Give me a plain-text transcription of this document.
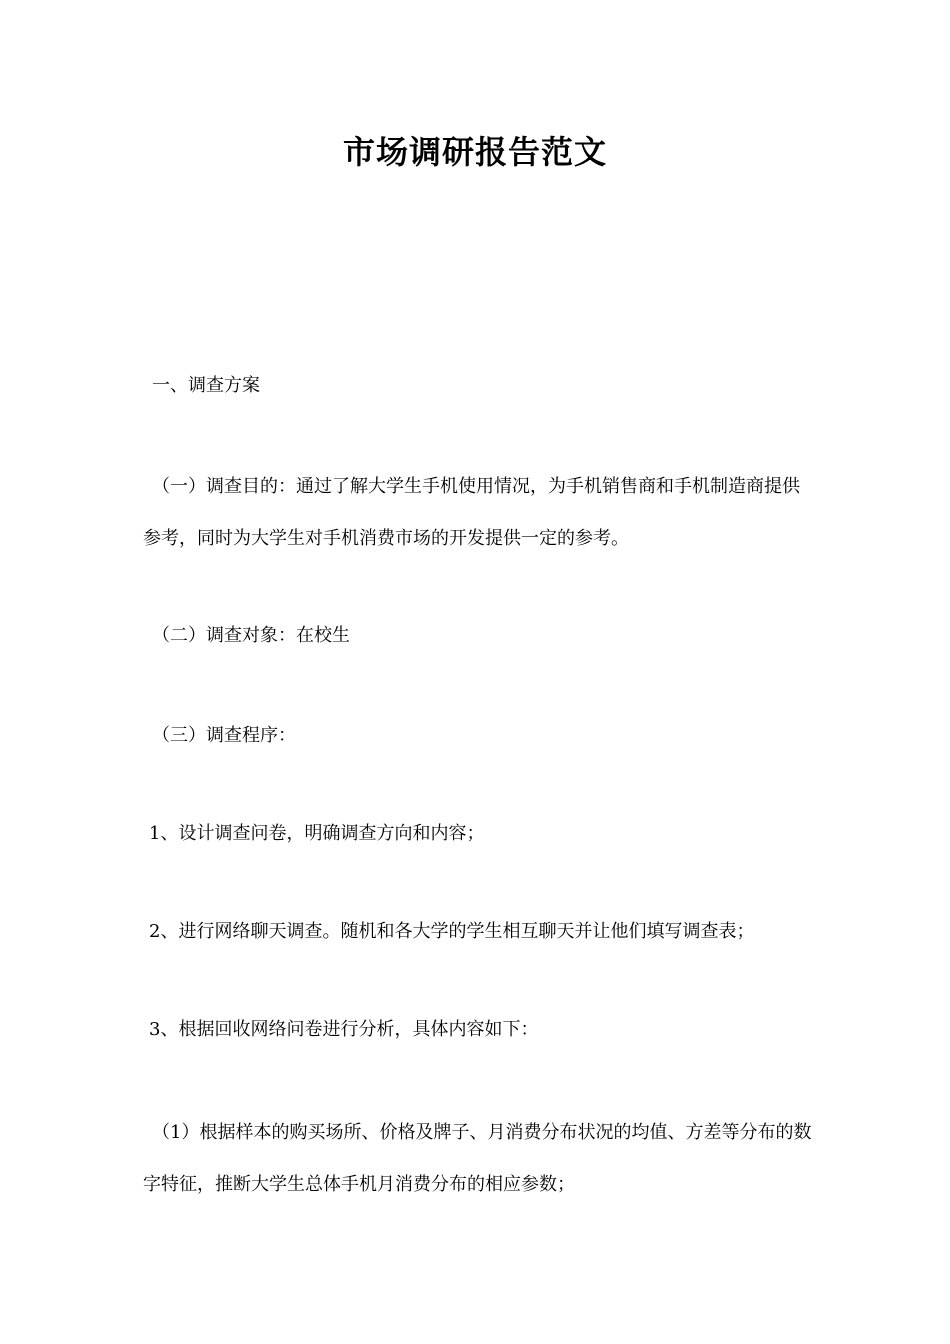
市场调研报告范文

一、调查方案

（一）调查目的：通过了解大学生手机使用情况，为手机销售商和手机制造商提供参考，同时为大学生对手机消费市场的开发提供一定的参考。

（二）调查对象：在校生

（三）调查程序：

1、设计调查问卷，明确调查方向和内容；

2、进行网络聊天调查。随机和各大学的学生相互聊天并让他们填写调查表；

3、根据回收网络问卷进行分析，具体内容如下：

（1）根据样本的购买场所、价格及牌子、月消费分布状况的均值、方差等分布的数字特征，推断大学生总体手机月消费分布的相应参数；
